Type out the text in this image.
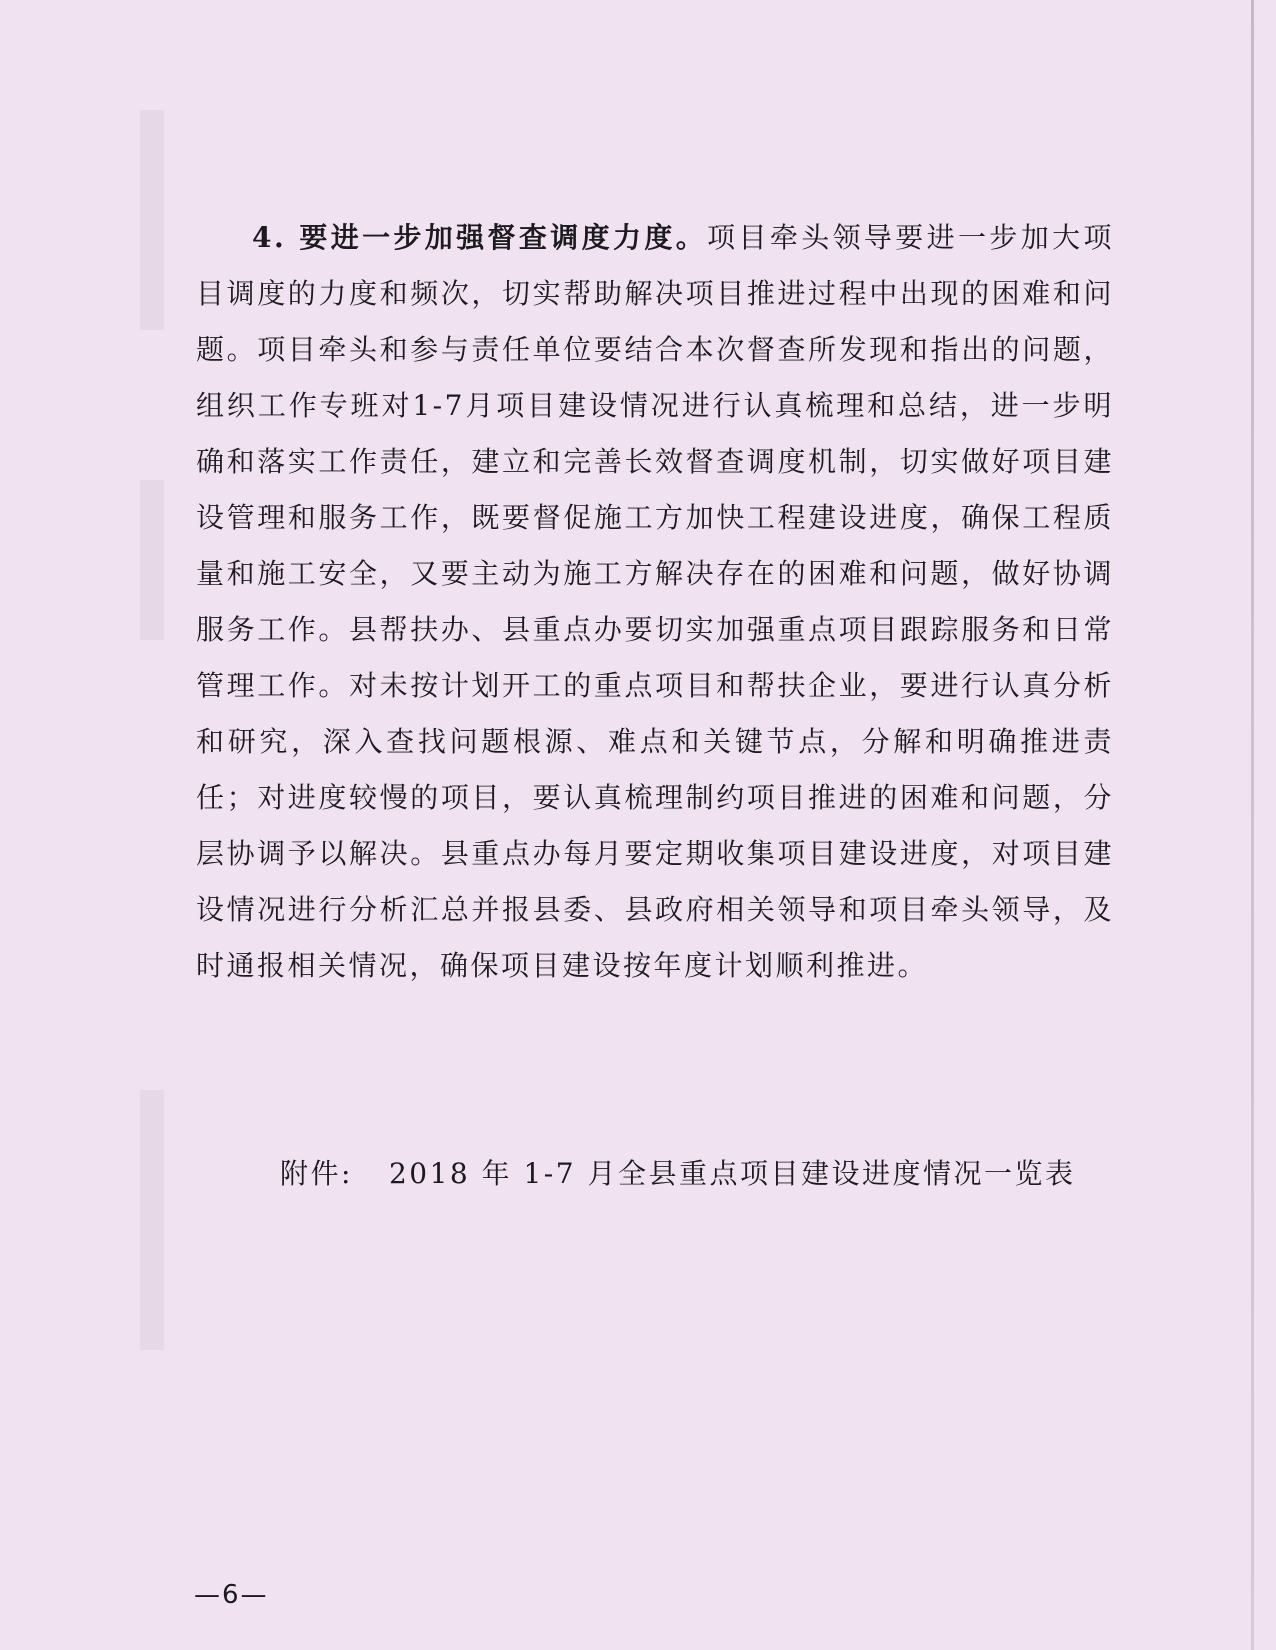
4. 要进一步加强督查调度力度。项目牵头领导要进一步加大项目调度的力度和频次，切实帮助解决项目推进过程中出现的困难和问题。项目牵头和参与责任单位要结合本次督查所发现和指出的问题，组织工作专班对1-7月项目建设情况进行认真梳理和总结，进一步明确和落实工作责任，建立和完善长效督查调度机制，切实做好项目建设管理和服务工作，既要督促施工方加快工程建设进度，确保工程质量和施工安全，又要主动为施工方解决存在的困难和问题，做好协调服务工作。县帮扶办、县重点办要切实加强重点项目跟踪服务和日常管理工作。对未按计划开工的重点项目和帮扶企业，要进行认真分析和研究，深入查找问题根源、难点和关键节点，分解和明确推进责任；对进度较慢的项目，要认真梳理制约项目推进的困难和问题，分层协调予以解决。县重点办每月要定期收集项目建设进度，对项目建设情况进行分析汇总并报县委、县政府相关领导和项目牵头领导，及时通报相关情况，确保项目建设按年度计划顺利推进。

附件: 2018 年 1-7 月全县重点项目建设进度情况一览表
—6—
